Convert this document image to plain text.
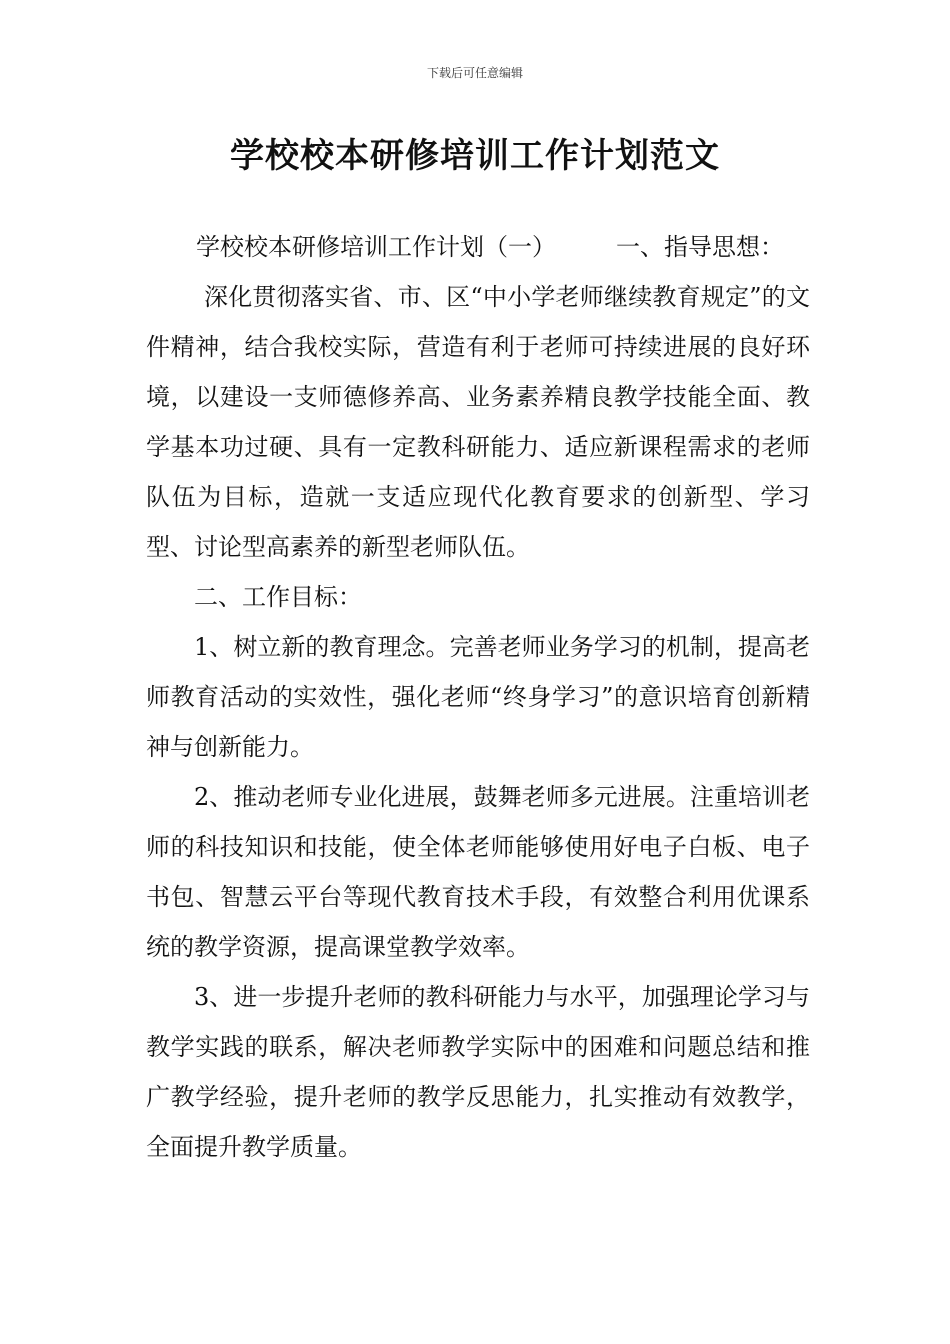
下载后可任意编辑
学校校本研修培训工作计划范文

学校校本研修培训工作计划（一）	一、指导思想：

深化贯彻落实省、市、区“中小学老师继续教育规定”的文件精神，结合我校实际，营造有利于老师可持续进展的良好环境，以建设一支师德修养高、业务素养精良教学技能全面、教学基本功过硬、具有一定教科研能力、适应新课程需求的老师队伍为目标，造就一支适应现代化教育要求的创新型、学习型、讨论型高素养的新型老师队伍。

二、工作目标：

1、树立新的教育理念。完善老师业务学习的机制，提高老师教育活动的实效性，强化老师“终身学习”的意识培育创新精神与创新能力。

2、推动老师专业化进展，鼓舞老师多元进展。注重培训老师的科技知识和技能，使全体老师能够使用好电子白板、电子书包、智慧云平台等现代教育技术手段，有效整合利用优课系统的教学资源，提高课堂教学效率。

3、进一步提升老师的教科研能力与水平，加强理论学习与教学实践的联系，解决老师教学实际中的困难和问题总结和推广教学经验，提升老师的教学反思能力，扎实推动有效教学，全面提升教学质量。
